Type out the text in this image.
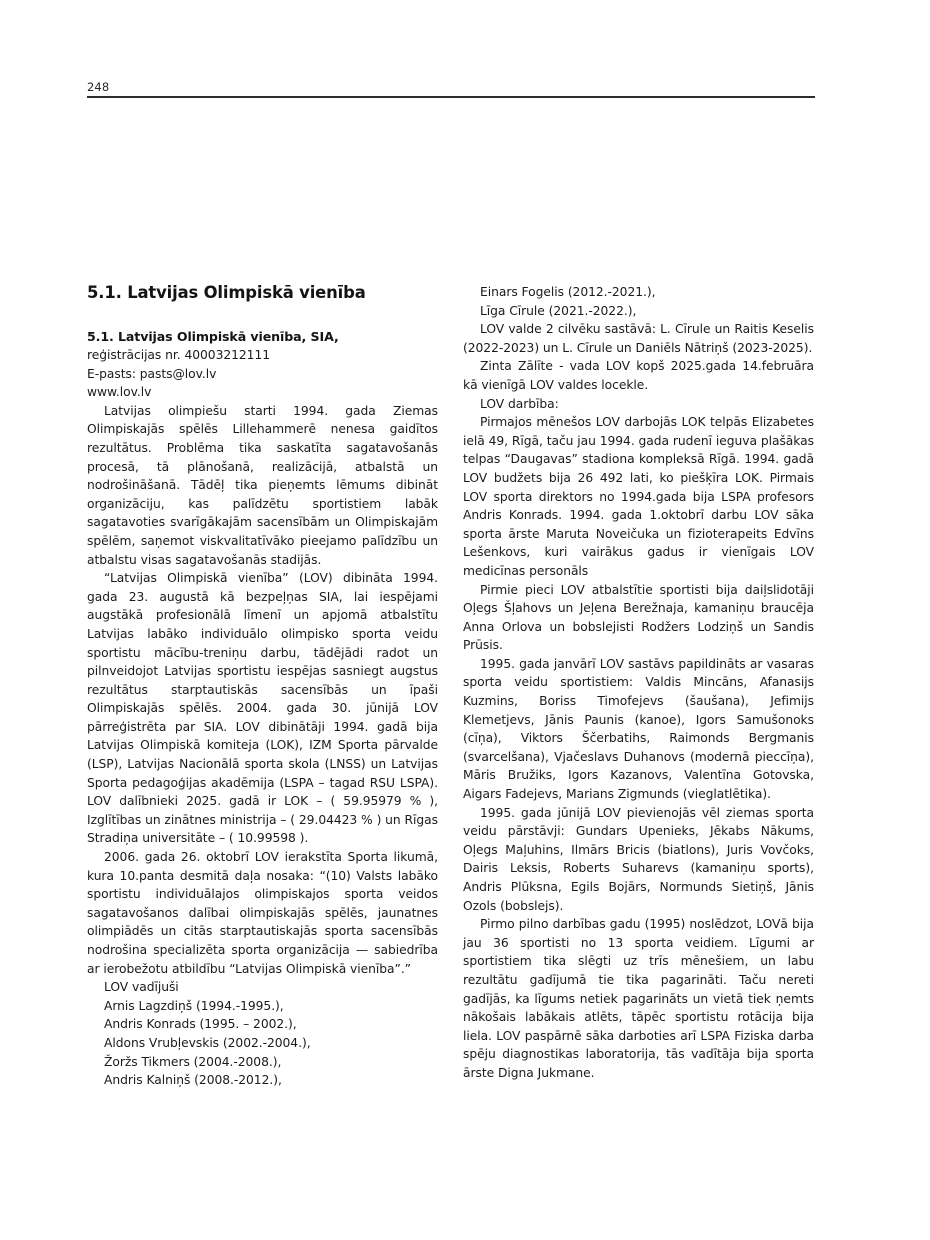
248
5.1. Latvijas Olimpiskā vienība
5.1. Latvijas Olimpiskā vienība, SIA,

reģistrācijas nr. 40003212111

E-pasts: pasts@lov.lv

www.lov.lv

Latvijas olimpiešu starti 1994. gada Ziemas Olimpiskajās spēlēs Lillehammerē nenesa gaidītos rezultātus. Problēma tika saskatīta sagatavošanās procesā, tā plānošanā, realizācijā, atbalstā un nodrošināšanā. Tādēļ tika pieņemts lēmums dibināt organizāciju, kas palīdzētu sportistiem labāk sagatavoties svarīgākajām sacensībām un Olimpiskajām spēlēm, saņemot viskvalitatīvāko pieejamo palīdzību un atbalstu visas sagatavošanās stadijās.

“Latvijas Olimpiskā vienība” (LOV) dibināta 1994. gada 23. augustā kā bezpeļņas SIA, lai iespējami augstākā profesionālā līmenī un apjomā atbalstītu Latvijas labāko individuālo olimpisko sporta veidu sportistu mācību-treniņu darbu, tādējādi radot un pilnveidojot Latvijas sportistu iespējas sasniegt augstus rezultātus starptautiskās sacensībās un īpaši Olimpiskajās spēlēs. 2004. gada 30. jūnijā LOV pārreģistrēta par SIA. LOV dibinātāji 1994. gadā bija Latvijas Olimpiskā komiteja (LOK), IZM Sporta pārvalde (LSP), Latvijas Nacionālā sporta skola (LNSS) un Latvijas Sporta pedagoģijas akadēmija (LSPA – tagad RSU LSPA). LOV dalībnieki 2025. gadā ir LOK – ( 59.95979 % ), Izglītības un zinātnes ministrija – ( 29.04423 % ) un Rīgas Stradiņa universitāte – ( 10.99598 ).

2006. gada 26. oktobrī LOV ierakstīta Sporta likumā, kura 10.panta desmitā daļa nosaka: “(10) Valsts labāko sportistu individuālajos olimpiskajos sporta veidos sagatavošanos dalībai olimpiskajās spēlēs, jaunatnes olimpiādēs un citās starptautiskajās sporta sacensībās nodrošina specializēta sporta organizācija — sabiedrība ar ierobežotu atbildību “Latvijas Olimpiskā vienība”.”

LOV vadījuši

Arnis Lagzdiņš (1994.-1995.),

Andris Konrads (1995. – 2002.),

Aldons Vrubļevskis (2002.-2004.),

Žoržs Tikmers (2004.-2008.),

Andris Kalniņš (2008.-2012.),

Einars Fogelis (2012.-2021.),

Līga Cīrule (2021.-2022.),

LOV valde 2 cilvēku sastāvā: L. Cīrule un Raitis Keselis (2022-2023) un L. Cīrule un Daniēls Nātriņš (2023-2025).

Zinta Zālīte - vada LOV kopš 2025.gada 14.februāra kā vienīgā LOV valdes locekle.

LOV darbība:

Pirmajos mēnešos LOV darbojās LOK telpās Elizabetes ielā 49, Rīgā, taču jau 1994. gada rudenī ieguva plašākas telpas “Daugavas” stadiona kompleksā Rīgā. 1994. gadā LOV budžets bija 26 492 lati, ko piešķīra LOK. Pirmais LOV sporta direktors no 1994.gada bija LSPA profesors Andris Konrads. 1994. gada 1.oktobrī darbu LOV sāka sporta ārste Maruta Noveičuka un fizioterapeits Edvīns Lešenkovs, kuri vairākus gadus ir vienīgais LOV medicīnas personāls

Pirmie pieci LOV atbalstītie sportisti bija daiļslidotāji Oļegs Šļahovs un Jeļena Berežnaja, kamaniņu braucēja Anna Orlova un bobslejisti Rodžers Lodziņš un Sandis Prūsis.

1995. gada janvārī LOV sastāvs papildināts ar vasaras sporta veidu sportistiem: Valdis Mincāns, Afanasijs Kuzmins, Boriss Timofejevs (šaušana), Jefimijs Klemetjevs, Jānis Paunis (kanoe), Igors Samušonoks (cīņa), Viktors Ščerbatihs, Raimonds Bergmanis (svarcelšana), Vjačeslavs Duhanovs (modernā pieccīņa), Māris Bružiks, Igors Kazanovs, Valentīna Gotovska, Aigars Fadejevs, Marians Zigmunds (vieglatlētika).

1995. gada jūnijā LOV pievienojās vēl ziemas sporta veidu pārstāvji: Gundars Upenieks, Jēkabs Nākums, Oļegs Maļuhins, Ilmārs Bricis (biatlons), Juris Vovčoks, Dairis Leksis, Roberts Suharevs (kamaniņu sports), Andris Plūksna, Egils Bojārs, Normunds Sietiņš, Jānis Ozols (bobslejs).

Pirmo pilno darbības gadu (1995) noslēdzot, LOVā bija jau 36 sportisti no 13 sporta veidiem. Līgumi ar sportistiem tika slēgti uz trīs mēnešiem, un labu rezultātu gadījumā tie tika pagarināti. Taču nereti gadījās, ka līgums netiek pagarināts un vietā tiek ņemts nākošais labākais atlēts, tāpēc sportistu rotācija bija liela. LOV paspārnē sāka darboties arī LSPA Fiziska darba spēju diagnostikas laboratorija, tās vadītāja bija sporta ārste Digna Jukmane.
